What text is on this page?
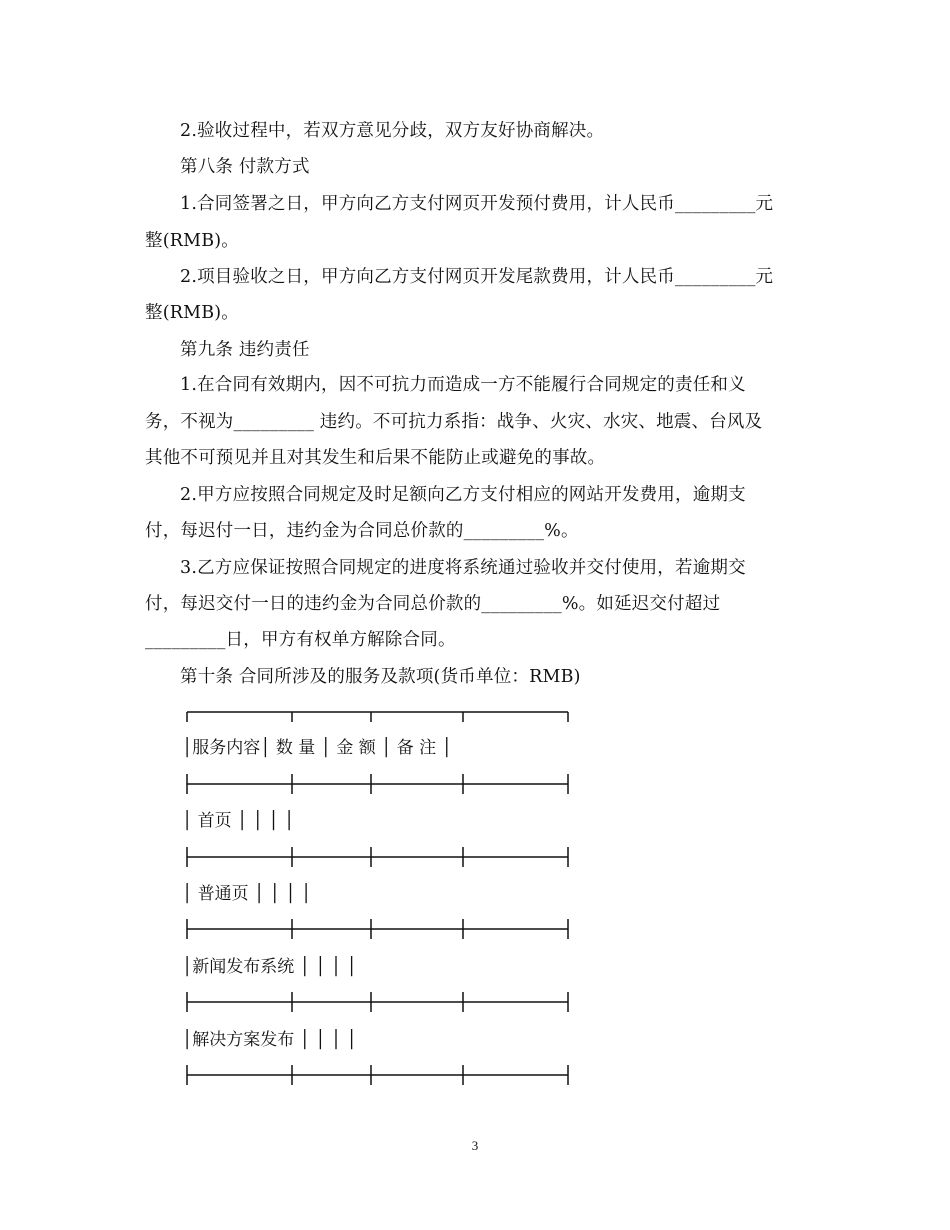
2.验收过程中，若双方意见分歧，双方友好协商解决。
第八条 付款方式
1.合同签署之日，甲方向乙方支付网页开发预付费用，计人民币_________元
整(RMB)。
2.项目验收之日，甲方向乙方支付网页开发尾款费用，计人民币_________元
整(RMB)。
第九条 违约责任
1.在合同有效期内，因不可抗力而造成一方不能履行合同规定的责任和义
务，不视为_________ 违约。不可抗力系指：战争、火灾、水灾、地震、台风及
其他不可预见并且对其发生和后果不能防止或避免的事故。
2.甲方应按照合同规定及时足额向乙方支付相应的网站开发费用，逾期支
付，每迟付一日，违约金为合同总价款的_________%。
3.乙方应保证按照合同规定的进度将系统通过验收并交付使用，若逾期交
付，每迟交付一日的违约金为合同总价款的_________%。如延迟交付超过
_________日，甲方有权单方解除合同。
第十条 合同所涉及的服务及款项(货币单位：RMB)
│服务内容│ 数 量 │ 金 额 │ 备 注 │
│ 首页 │ │ │ │
│ 普通页 │ │ │ │
│新闻发布系统 │ │ │ │
│解决方案发布 │ │ │ │
3
